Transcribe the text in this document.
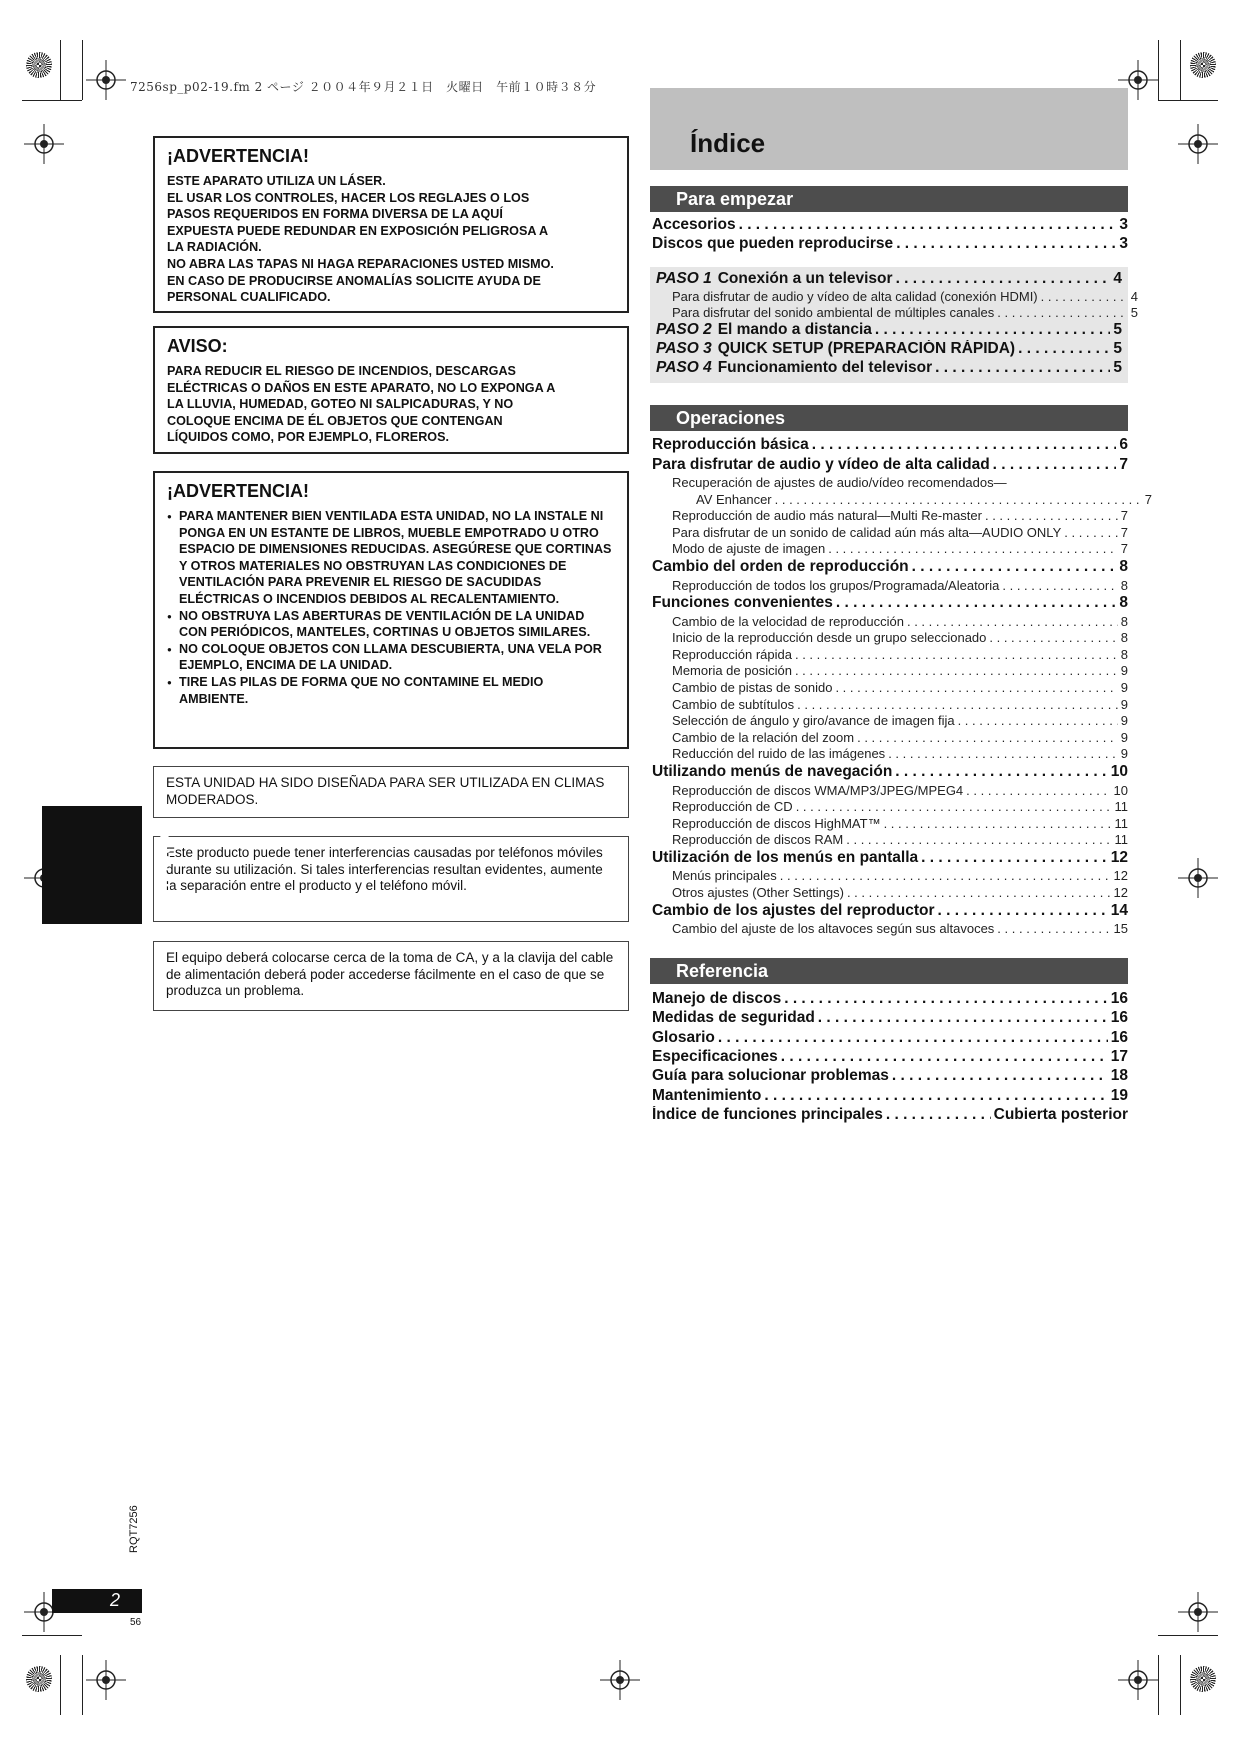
7256sp_p02-19.fm 2 ページ ２００４年９月２１日　火曜日　午前１０時３８分
¡ADVERTENCIA!
ESTE APARATO UTILIZA UN LÁSER.
EL USAR LOS CONTROLES, HACER LOS REGLAJES O LOS
PASOS REQUERIDOS EN FORMA DIVERSA DE LA AQUÍ
EXPUESTA PUEDE REDUNDAR EN EXPOSICIÓN PELIGROSA A
LA RADIACIÓN.
NO ABRA LAS TAPAS NI HAGA REPARACIONES USTED MISMO.
EN CASO DE PRODUCIRSE ANOMALÍAS SOLICITE AYUDA DE
PERSONAL CUALIFICADO.
AVISO:
PARA REDUCIR EL RIESGO DE INCENDIOS, DESCARGAS
ELÉCTRICAS O DAÑOS EN ESTE APARATO, NO LO EXPONGA A
LA LLUVIA, HUMEDAD, GOTEO NI SALPICADURAS, Y NO
COLOQUE ENCIMA DE ÉL OBJETOS QUE CONTENGAN
LÍQUIDOS COMO, POR EJEMPLO, FLOREROS.
¡ADVERTENCIA!
● PARA MANTENER BIEN VENTILADA ESTA UNIDAD, NO LA INSTALE NI PONGA EN UN ESTANTE DE LIBROS, MUEBLE EMPOTRADO U OTRO ESPACIO DE DIMENSIONES REDUCIDAS. ASEGÚRESE QUE CORTINAS Y OTROS MATERIALES NO OBSTRUYAN LAS CONDICIONES DE VENTILACIÓN PARA PREVENIR EL RIESGO DE SACUDIDAS ELÉCTRICAS O INCENDIOS DEBIDOS AL RECALENTAMIENTO.
● NO OBSTRUYA LAS ABERTURAS DE VENTILACIÓN DE LA UNIDAD CON PERIÓDICOS, MANTELES, CORTINAS U OBJETOS SIMILARES.
● NO COLOQUE OBJETOS CON LLAMA DESCUBIERTA, UNA VELA POR EJEMPLO, ENCIMA DE LA UNIDAD.
● TIRE LAS PILAS DE FORMA QUE NO CONTAMINE EL MEDIO AMBIENTE.
ESTA UNIDAD HA SIDO DISEÑADA PARA SER UTILIZADA EN CLIMAS MODERADOS.
Este producto puede tener interferencias causadas por teléfonos móviles durante su utilización. Si tales interferencias resultan evidentes, aumente la separación entre el producto y el teléfono móvil.
El equipo deberá colocarse cerca de la toma de CA, y a la clavija del cable de alimentación deberá poder accederse fácilmente en el caso de que se produzca un problema.
ESPAÑOL
Índice
Para empezar
Accesorios . . .	3
Discos que pueden reproducirse . . .	3
PASO 1 Conexión a un televisor . . .	4
Para disfrutar de audio y vídeo de alta calidad (conexión HDMI) . . .	4
Para disfrutar del sonido ambiental de múltiples canales . . .	5
PASO 2 El mando a distancia . . .	5
PASO 3 QUICK SETUP (PREPARACIÓN RÁPIDA) . . .	5
PASO 4 Funcionamiento del televisor . . .	5
Operaciones
Reproducción básica . . .	6
Para disfrutar de audio y vídeo de alta calidad . . .	7
Recuperación de ajustes de audio/vídeo recomendados—
AV Enhancer . . .	7
Reproducción de audio más natural—Multi Re-master . . .	7
Para disfrutar de un sonido de calidad aún más alta—AUDIO ONLY . . .	7
Modo de ajuste de imagen . . .	7
Cambio del orden de reproducción . . .	8
Reproducción de todos los grupos/Programada/Aleatoria . . .	8
Funciones convenientes . . .	8
Cambio de la velocidad de reproducción . . .	8
Inicio de la reproducción desde un grupo seleccionado . . .	8
Reproducción rápida . . .	8
Memoria de posición . . .	9
Cambio de pistas de sonido . . .	9
Cambio de subtítulos . . .	9
Selección de ángulo y giro/avance de imagen fija . . .	9
Cambio de la relación del zoom . . .	9
Reducción del ruido de las imágenes . . .	9
Utilizando menús de navegación . . .	10
Reproducción de discos WMA/MP3/JPEG/MPEG4 . . .	10
Reproducción de CD . . .	11
Reproducción de discos HighMAT™ . . .	11
Reproducción de discos RAM . . .	11
Utilización de los menús en pantalla . . .	12
Menús principales . . .	12
Otros ajustes (Other Settings) . . .	12
Cambio de los ajustes del reproductor . . .	14
Cambio del ajuste de los altavoces según sus altavoces . . .	15
Referencia
Manejo de discos . . .	16
Medidas de seguridad . . .	16
Glosario . . .	16
Especificaciones . . .	17
Guía para solucionar problemas . . .	18
Mantenimiento . . .	19
Índice de funciones principales . . .	Cubierta posterior
RQT7256
2
56
